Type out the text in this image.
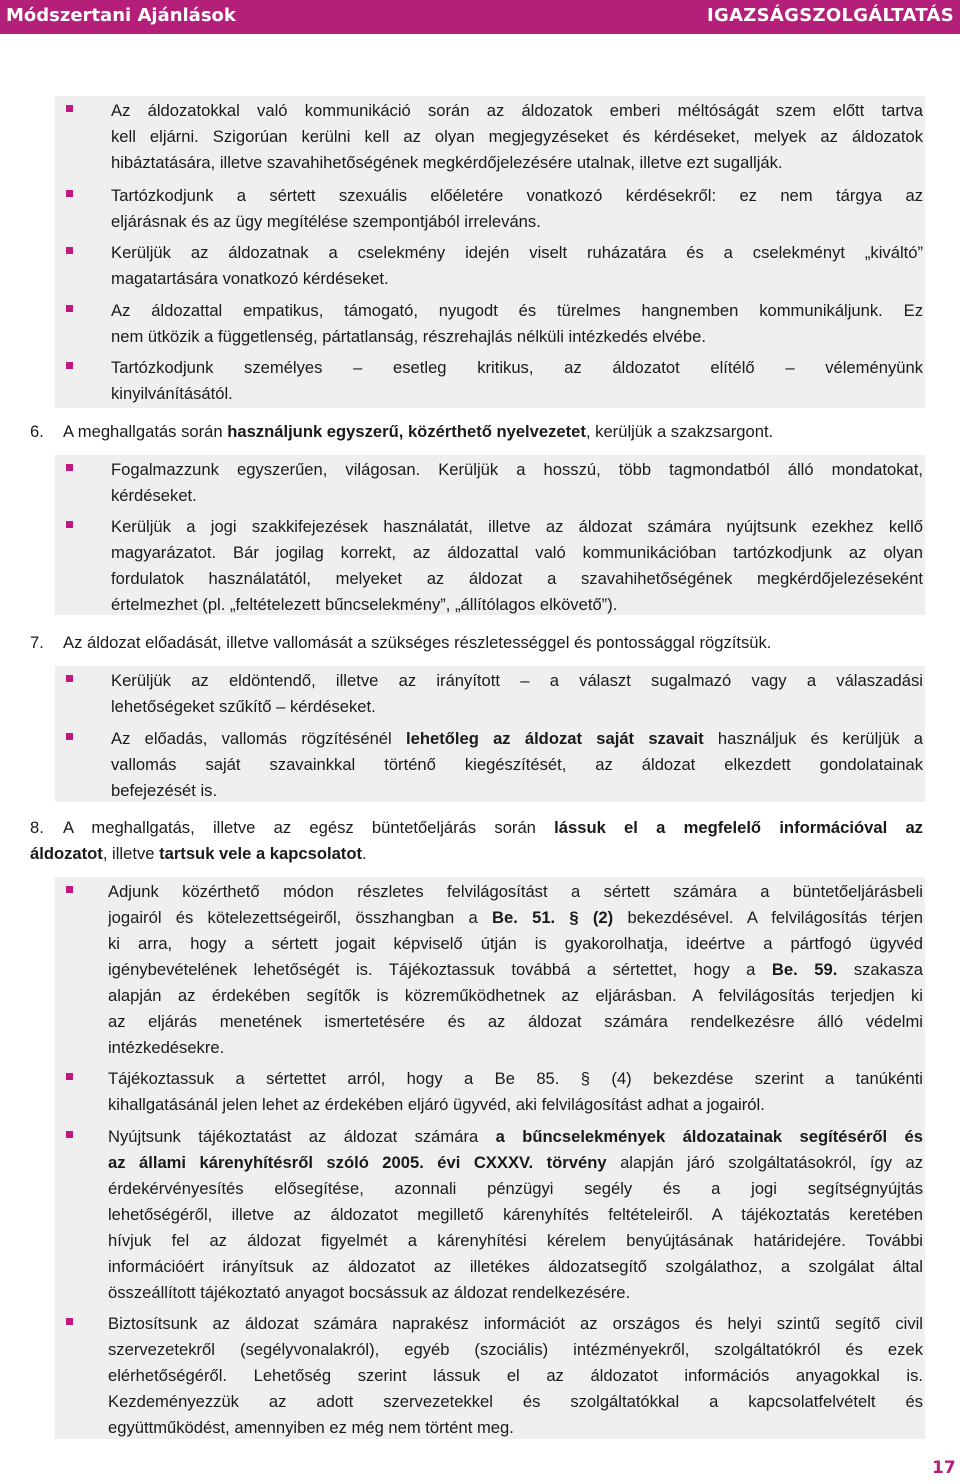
Módszertani Ajánlások	IGAZSÁGSZOLGÁLTATÁS
Az áldozatokkal való kommunikáció során az áldozatok emberi méltóságát szem előtt tartva
kell eljárni. Szigorúan kerülni kell az olyan megjegyzéseket és kérdéseket, melyek az áldozatok
hibáztatására, illetve szavahihetőségének megkérdőjelezésére utalnak, illetve ezt sugallják.
Tartózkodjunk a sértett szexuális előéletére vonatkozó kérdésekről: ez nem tárgya az
eljárásnak és az ügy megítélése szempontjából irreleváns.
Kerüljük az áldozatnak a cselekmény idején viselt ruházatára és a cselekményt „kiváltó”
magatartására vonatkozó kérdéseket.
Az áldozattal empatikus, támogató, nyugodt és türelmes hangnemben kommunikáljunk. Ez
nem ütközik a függetlenség, pártatlanság, részrehajlás nélküli intézkedés elvébe.
Tartózkodjunk személyes – esetleg kritikus, az áldozatot elítélő – véleményünk
kinyilvánításától.
6. A meghallgatás során használjunk egyszerű, közérthető nyelvezetet, kerüljük a szakzsargont.
Fogalmazzunk egyszerűen, világosan. Kerüljük a hosszú, több tagmondatból álló mondatokat,
kérdéseket.
Kerüljük a jogi szakkifejezések használatát, illetve az áldozat számára nyújtsunk ezekhez kellő
magyarázatot. Bár jogilag korrekt, az áldozattal való kommunikációban tartózkodjunk az olyan
fordulatok használatától, melyeket az áldozat a szavahihetőségének megkérdőjelezéseként
értelmezhet (pl. „feltételezett bűncselekmény”, „állítólagos elkövető”).
7. Az áldozat előadását, illetve vallomását a szükséges részletességgel és pontossággal rögzítsük.
Kerüljük az eldöntendő, illetve az irányított – a választ sugalmazó vagy a válaszadási
lehetőségeket szűkítő – kérdéseket.
Az előadás, vallomás rögzítésénél lehetőleg az áldozat saját szavait használjuk és kerüljük a
vallomás saját szavainkkal történő kiegészítését, az áldozat elkezdett gondolatainak
befejezését is.
8. A meghallgatás, illetve az egész büntetőeljárás során lássuk el a megfelelő információval az
áldozatot, illetve tartsuk vele a kapcsolatot.
Adjunk közérthető módon részletes felvilágosítást a sértett számára a büntetőeljárásbeli
jogairól és kötelezettségeiről, összhangban a Be. 51. § (2) bekezdésével. A felvilágosítás térjen
ki arra, hogy a sértett jogait képviselő útján is gyakorolhatja, ideértve a pártfogó ügyvéd
igénybevételének lehetőségét is. Tájékoztassuk továbbá a sértettet, hogy a Be. 59. szakasza
alapján az érdekében segítők is közreműködhetnek az eljárásban. A felvilágosítás terjedjen ki
az eljárás menetének ismertetésére és az áldozat számára rendelkezésre álló védelmi
intézkedésekre.
Tájékoztassuk a sértettet arról, hogy a Be 85. § (4) bekezdése szerint a tanúkénti
kihallgatásánál jelen lehet az érdekében eljáró ügyvéd, aki felvilágosítást adhat a jogairól.
Nyújtsunk tájékoztatást az áldozat számára a bűncselekmények áldozatainak segítéséről és
az állami kárenyhítésről szóló 2005. évi CXXXV. törvény alapján járó szolgáltatásokról, így az
érdekérvényesítés elősegítése, azonnali pénzügyi segély és a jogi segítségnyújtás
lehetőségéről, illetve az áldozatot megillető kárenyhítés feltételeiről. A tájékoztatás keretében
hívjuk fel az áldozat figyelmét a kárenyhítési kérelem benyújtásának határidejére. További
információért irányítsuk az áldozatot az illetékes áldozatsegítő szolgálathoz, a szolgálat által
összeállított tájékoztató anyagot bocsássuk az áldozat rendelkezésére.
Biztosítsunk az áldozat számára naprakész információt az országos és helyi szintű segítő civil
szervezetekről (segélyvonalakról), egyéb (szociális) intézményekről, szolgáltatókról és ezek
elérhetőségéről. Lehetőség szerint lássuk el az áldozatot információs anyagokkal is.
Kezdeményezzük az adott szervezetekkel és szolgáltatókkal a kapcsolatfelvételt és
együttműködést, amennyiben ez még nem történt meg.
17
